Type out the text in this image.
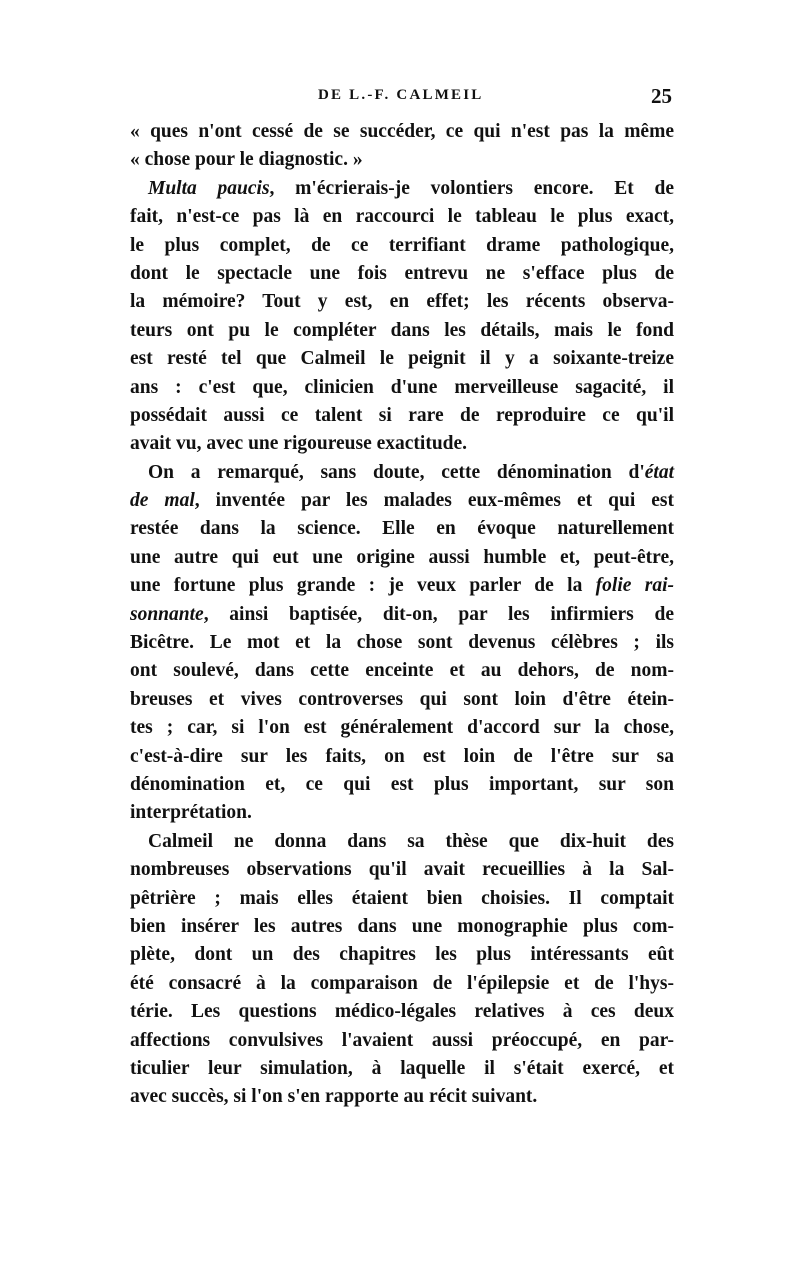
DE L.-F. CALMEIL	25
« ques n'ont cessé de se succéder, ce qui n'est pas la même
« chose pour le diagnostic. »
Multa paucis, m'écrierais-je volontiers encore. Et de
fait, n'est-ce pas là en raccourci le tableau le plus exact,
le plus complet, de ce terrifiant drame pathologique,
dont le spectacle une fois entrevu ne s'efface plus de
la mémoire? Tout y est, en effet; les récents observa-
teurs ont pu le compléter dans les détails, mais le fond
est resté tel que Calmeil le peignit il y a soixante-treize
ans : c'est que, clinicien d'une merveilleuse sagacité, il
possédait aussi ce talent si rare de reproduire ce qu'il
avait vu, avec une rigoureuse exactitude.
On a remarqué, sans doute, cette dénomination d'état
de mal, inventée par les malades eux-mêmes et qui est
restée dans la science. Elle en évoque naturellement
une autre qui eut une origine aussi humble et, peut-être,
une fortune plus grande : je veux parler de la folie rai-
sonnante, ainsi baptisée, dit-on, par les infirmiers de
Bicêtre. Le mot et la chose sont devenus célèbres ; ils
ont soulevé, dans cette enceinte et au dehors, de nom-
breuses et vives controverses qui sont loin d'être étein-
tes ; car, si l'on est généralement d'accord sur la chose,
c'est-à-dire sur les faits, on est loin de l'être sur sa
dénomination et, ce qui est plus important, sur son
interprétation.
Calmeil ne donna dans sa thèse que dix-huit des
nombreuses observations qu'il avait recueillies à la Sal-
pêtrière ; mais elles étaient bien choisies. Il comptait
bien insérer les autres dans une monographie plus com-
plète, dont un des chapitres les plus intéressants eût
été consacré à la comparaison de l'épilepsie et de l'hys-
térie. Les questions médico-légales relatives à ces deux
affections convulsives l'avaient aussi préoccupé, en par-
ticulier leur simulation, à laquelle il s'était exercé, et
avec succès, si l'on s'en rapporte au récit suivant.
